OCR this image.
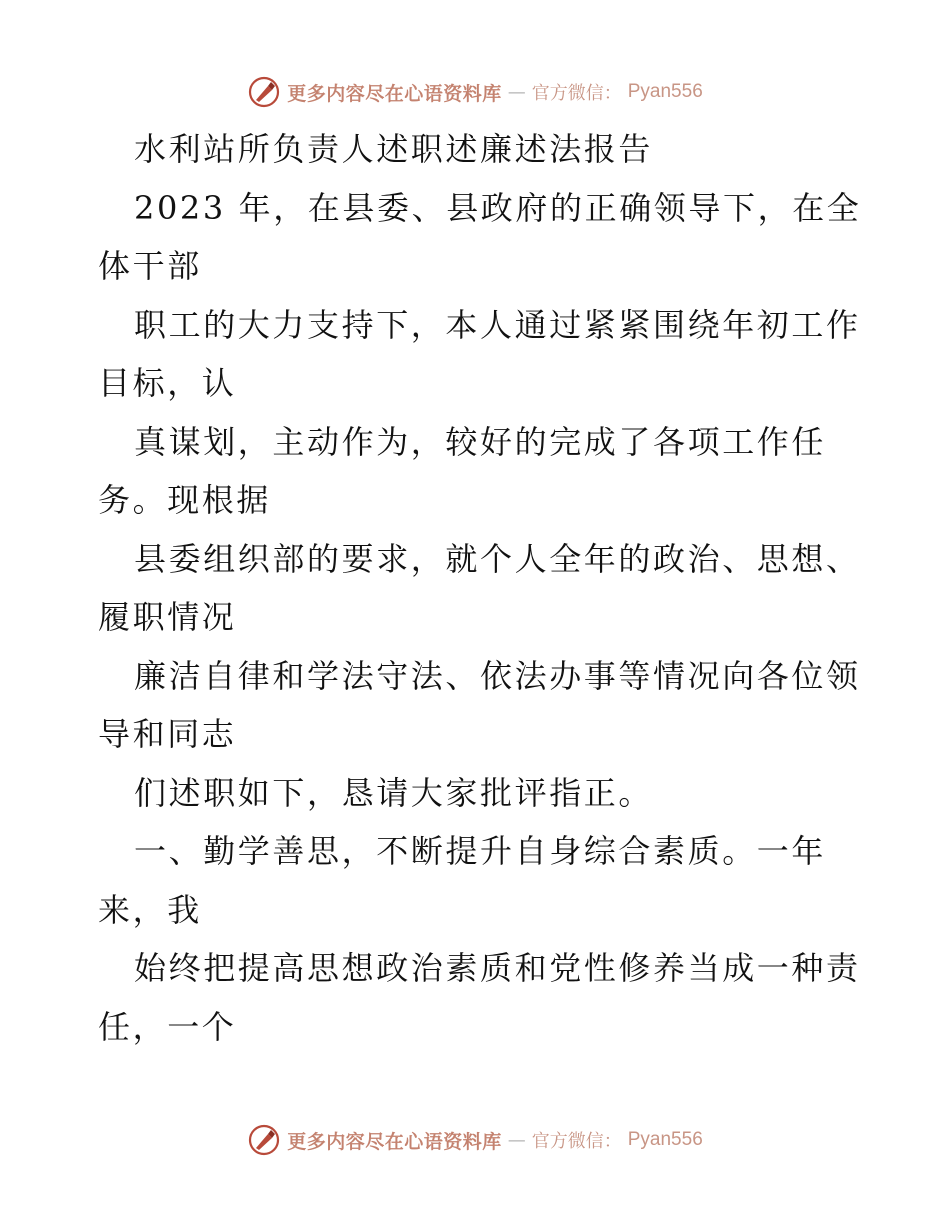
更多内容尽在心语资料库 — 官方微信： Pyan556
水利站所负责人述职述廉述法报告
2023 年，在县委、县政府的正确领导下，在全
体干部
职工的大力支持下，本人通过紧紧围绕年初工作
目标，认
真谋划，主动作为，较好的完成了各项工作任
务。现根据
县委组织部的要求，就个人全年的政治、思想、
履职情况
廉洁自律和学法守法、依法办事等情况向各位领
导和同志
们述职如下，恳请大家批评指正。
一、勤学善思，不断提升自身综合素质。一年
来，我
始终把提高思想政治素质和党性修养当成一种责
任，一个
更多内容尽在心语资料库 — 官方微信： Pyan556
